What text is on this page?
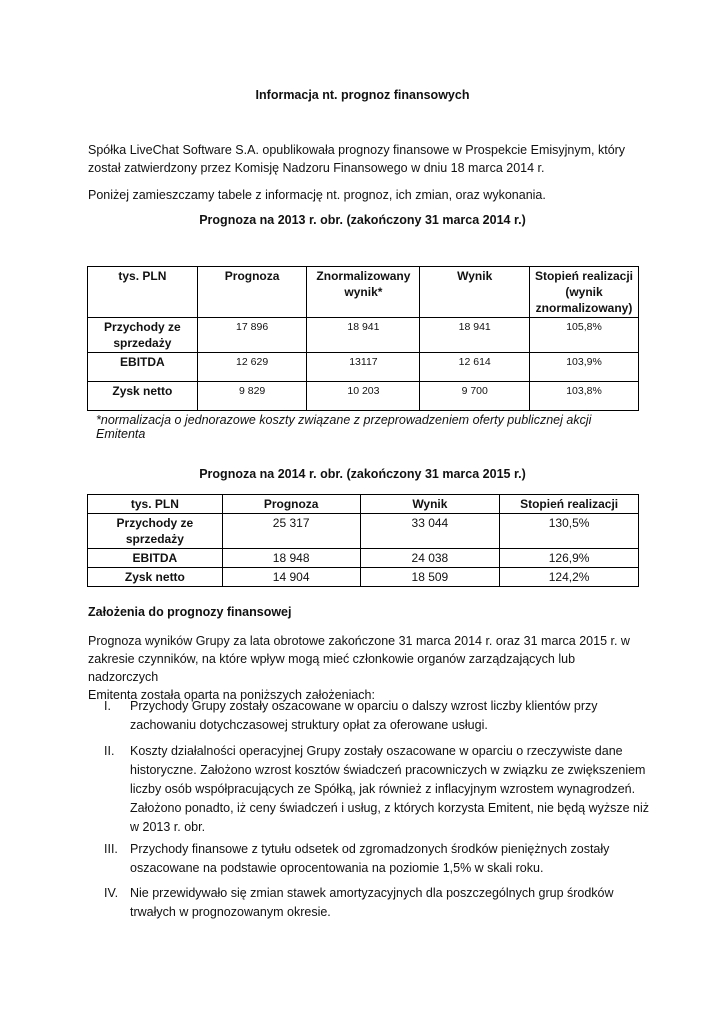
Informacja nt. prognoz finansowych
Spółka LiveChat Software S.A. opublikowała prognozy finansowe w Prospekcie Emisyjnym, który
został zatwierdzony przez Komisję Nadzoru Finansowego w dniu 18 marca 2014 r.
Poniżej zamieszczamy tabele z informację nt. prognoz, ich zmian, oraz wykonania.
Prognoza na 2013 r. obr. (zakończony 31 marca 2014 r.)
tys. PLN	Prognoza	Znormalizowany wynik*	Wynik	Stopień realizacji (wynik znormalizowany)
Przychody ze sprzedaży	17 896	18 941	18 941	105,8%
EBITDA	12 629	13117	12 614	103,9%
Zysk netto	9 829	10 203	9 700	103,8%
*normalizacja o jednorazowe koszty związane z przeprowadzeniem oferty publicznej akcji Emitenta
Prognoza na 2014 r. obr. (zakończony 31 marca 2015 r.)
tys. PLN	Prognoza	Wynik	Stopień realizacji
Przychody ze sprzedaży	25 317	33 044	130,5%
EBITDA	18 948	24 038	126,9%
Zysk netto	14 904	18 509	124,2%
Założenia do prognozy finansowej
Prognoza wyników Grupy za lata obrotowe zakończone 31 marca 2014 r. oraz 31 marca 2015 r. w
zakresie czynników, na które wpływ mogą mieć członkowie organów zarządzających lub nadzorczych
Emitenta została oparta na poniższych założeniach:
I. Przychody Grupy zostały oszacowane w oparciu o dalszy wzrost liczby klientów przy
zachowaniu dotychczasowej struktury opłat za oferowane usługi.
II. Koszty działalności operacyjnej Grupy zostały oszacowane w oparciu o rzeczywiste dane
historyczne. Założono wzrost kosztów świadczeń pracowniczych w związku ze zwiększeniem
liczby osób współpracujących ze Spółką, jak również z inflacyjnym wzrostem wynagrodzeń.
Założono ponadto, iż ceny świadczeń i usług, z których korzysta Emitent, nie będą wyższe niż
w 2013 r. obr.
III. Przychody finansowe z tytułu odsetek od zgromadzonych środków pieniężnych zostały
oszacowane na podstawie oprocentowania na poziomie 1,5% w skali roku.
IV. Nie przewidywało się zmian stawek amortyzacyjnych dla poszczególnych grup środków
trwałych w prognozowanym okresie.
